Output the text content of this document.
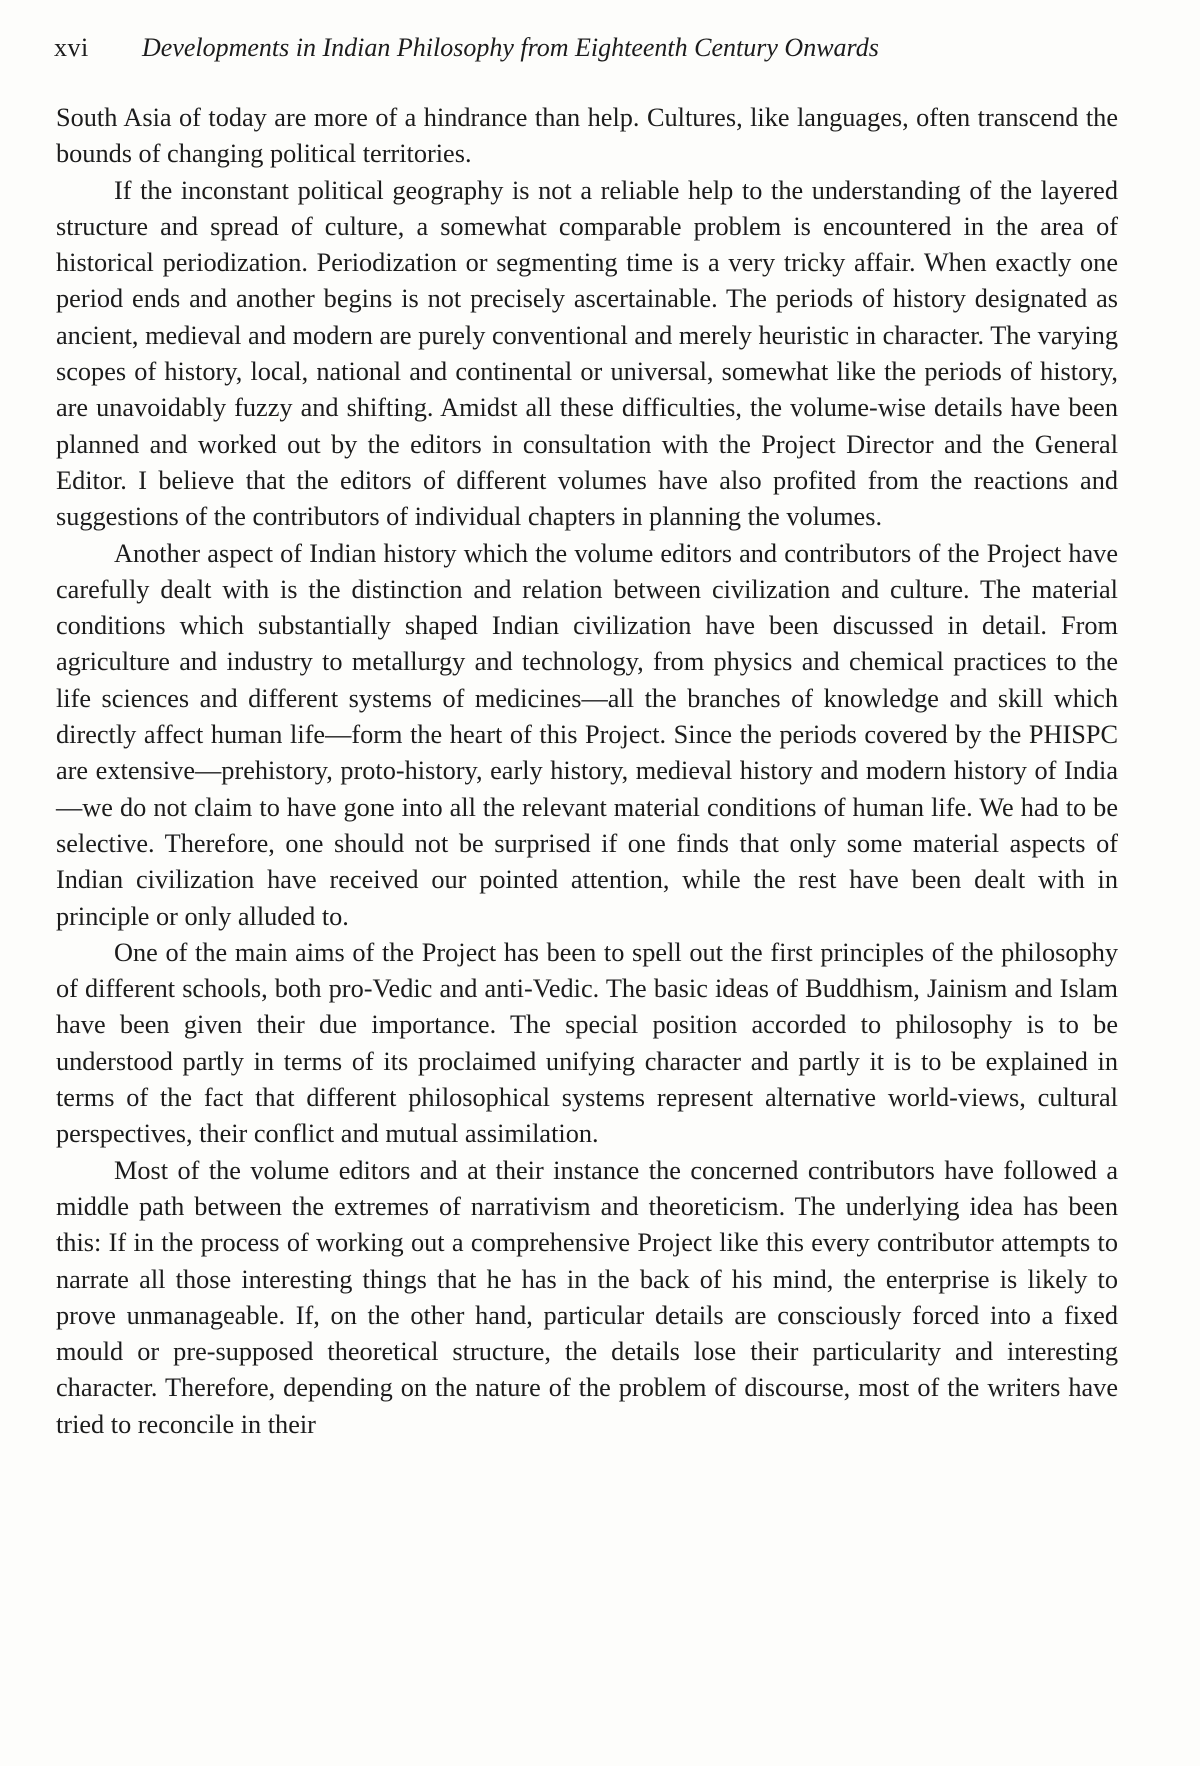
xvi Developments in Indian Philosophy from Eighteenth Century Onwards

South Asia of today are more of a hindrance than help. Cultures, like languages, often transcend the bounds of changing political territories.

If the inconstant political geography is not a reliable help to the understanding of the layered structure and spread of culture, a somewhat comparable problem is encountered in the area of historical periodization. Periodization or segmenting time is a very tricky affair. When exactly one period ends and another begins is not precisely ascertainable. The periods of history designated as ancient, medieval and modern are purely conventional and merely heuristic in character. The varying scopes of history, local, national and continental or universal, somewhat like the periods of history, are unavoidably fuzzy and shifting. Amidst all these difficulties, the volume-wise details have been planned and worked out by the editors in consultation with the Project Director and the General Editor. I believe that the editors of different volumes have also profited from the reactions and suggestions of the contributors of individual chapters in planning the volumes.

Another aspect of Indian history which the volume editors and contributors of the Project have carefully dealt with is the distinction and relation between civilization and culture. The material conditions which substantially shaped Indian civilization have been discussed in detail. From agriculture and industry to metallurgy and technology, from physics and chemical practices to the life sciences and different systems of medicines—all the branches of knowledge and skill which directly affect human life—form the heart of this Project. Since the periods covered by the PHISPC are extensive—prehistory, proto-history, early history, medieval history and modern history of India—we do not claim to have gone into all the relevant material conditions of human life. We had to be selective. Therefore, one should not be surprised if one finds that only some material aspects of Indian civilization have received our pointed attention, while the rest have been dealt with in principle or only alluded to.

One of the main aims of the Project has been to spell out the first principles of the philosophy of different schools, both pro-Vedic and anti-Vedic. The basic ideas of Buddhism, Jainism and Islam have been given their due importance. The special position accorded to philosophy is to be understood partly in terms of its proclaimed unifying character and partly it is to be explained in terms of the fact that different philosophical systems represent alternative world-views, cultural perspectives, their conflict and mutual assimilation.

Most of the volume editors and at their instance the concerned contributors have followed a middle path between the extremes of narrativism and theoreticism. The underlying idea has been this: If in the process of working out a comprehensive Project like this every contributor attempts to narrate all those interesting things that he has in the back of his mind, the enterprise is likely to prove unmanageable. If, on the other hand, particular details are consciously forced into a fixed mould or pre-supposed theoretical structure, the details lose their particularity and interesting character. Therefore, depending on the nature of the problem of discourse, most of the writers have tried to reconcile in their
